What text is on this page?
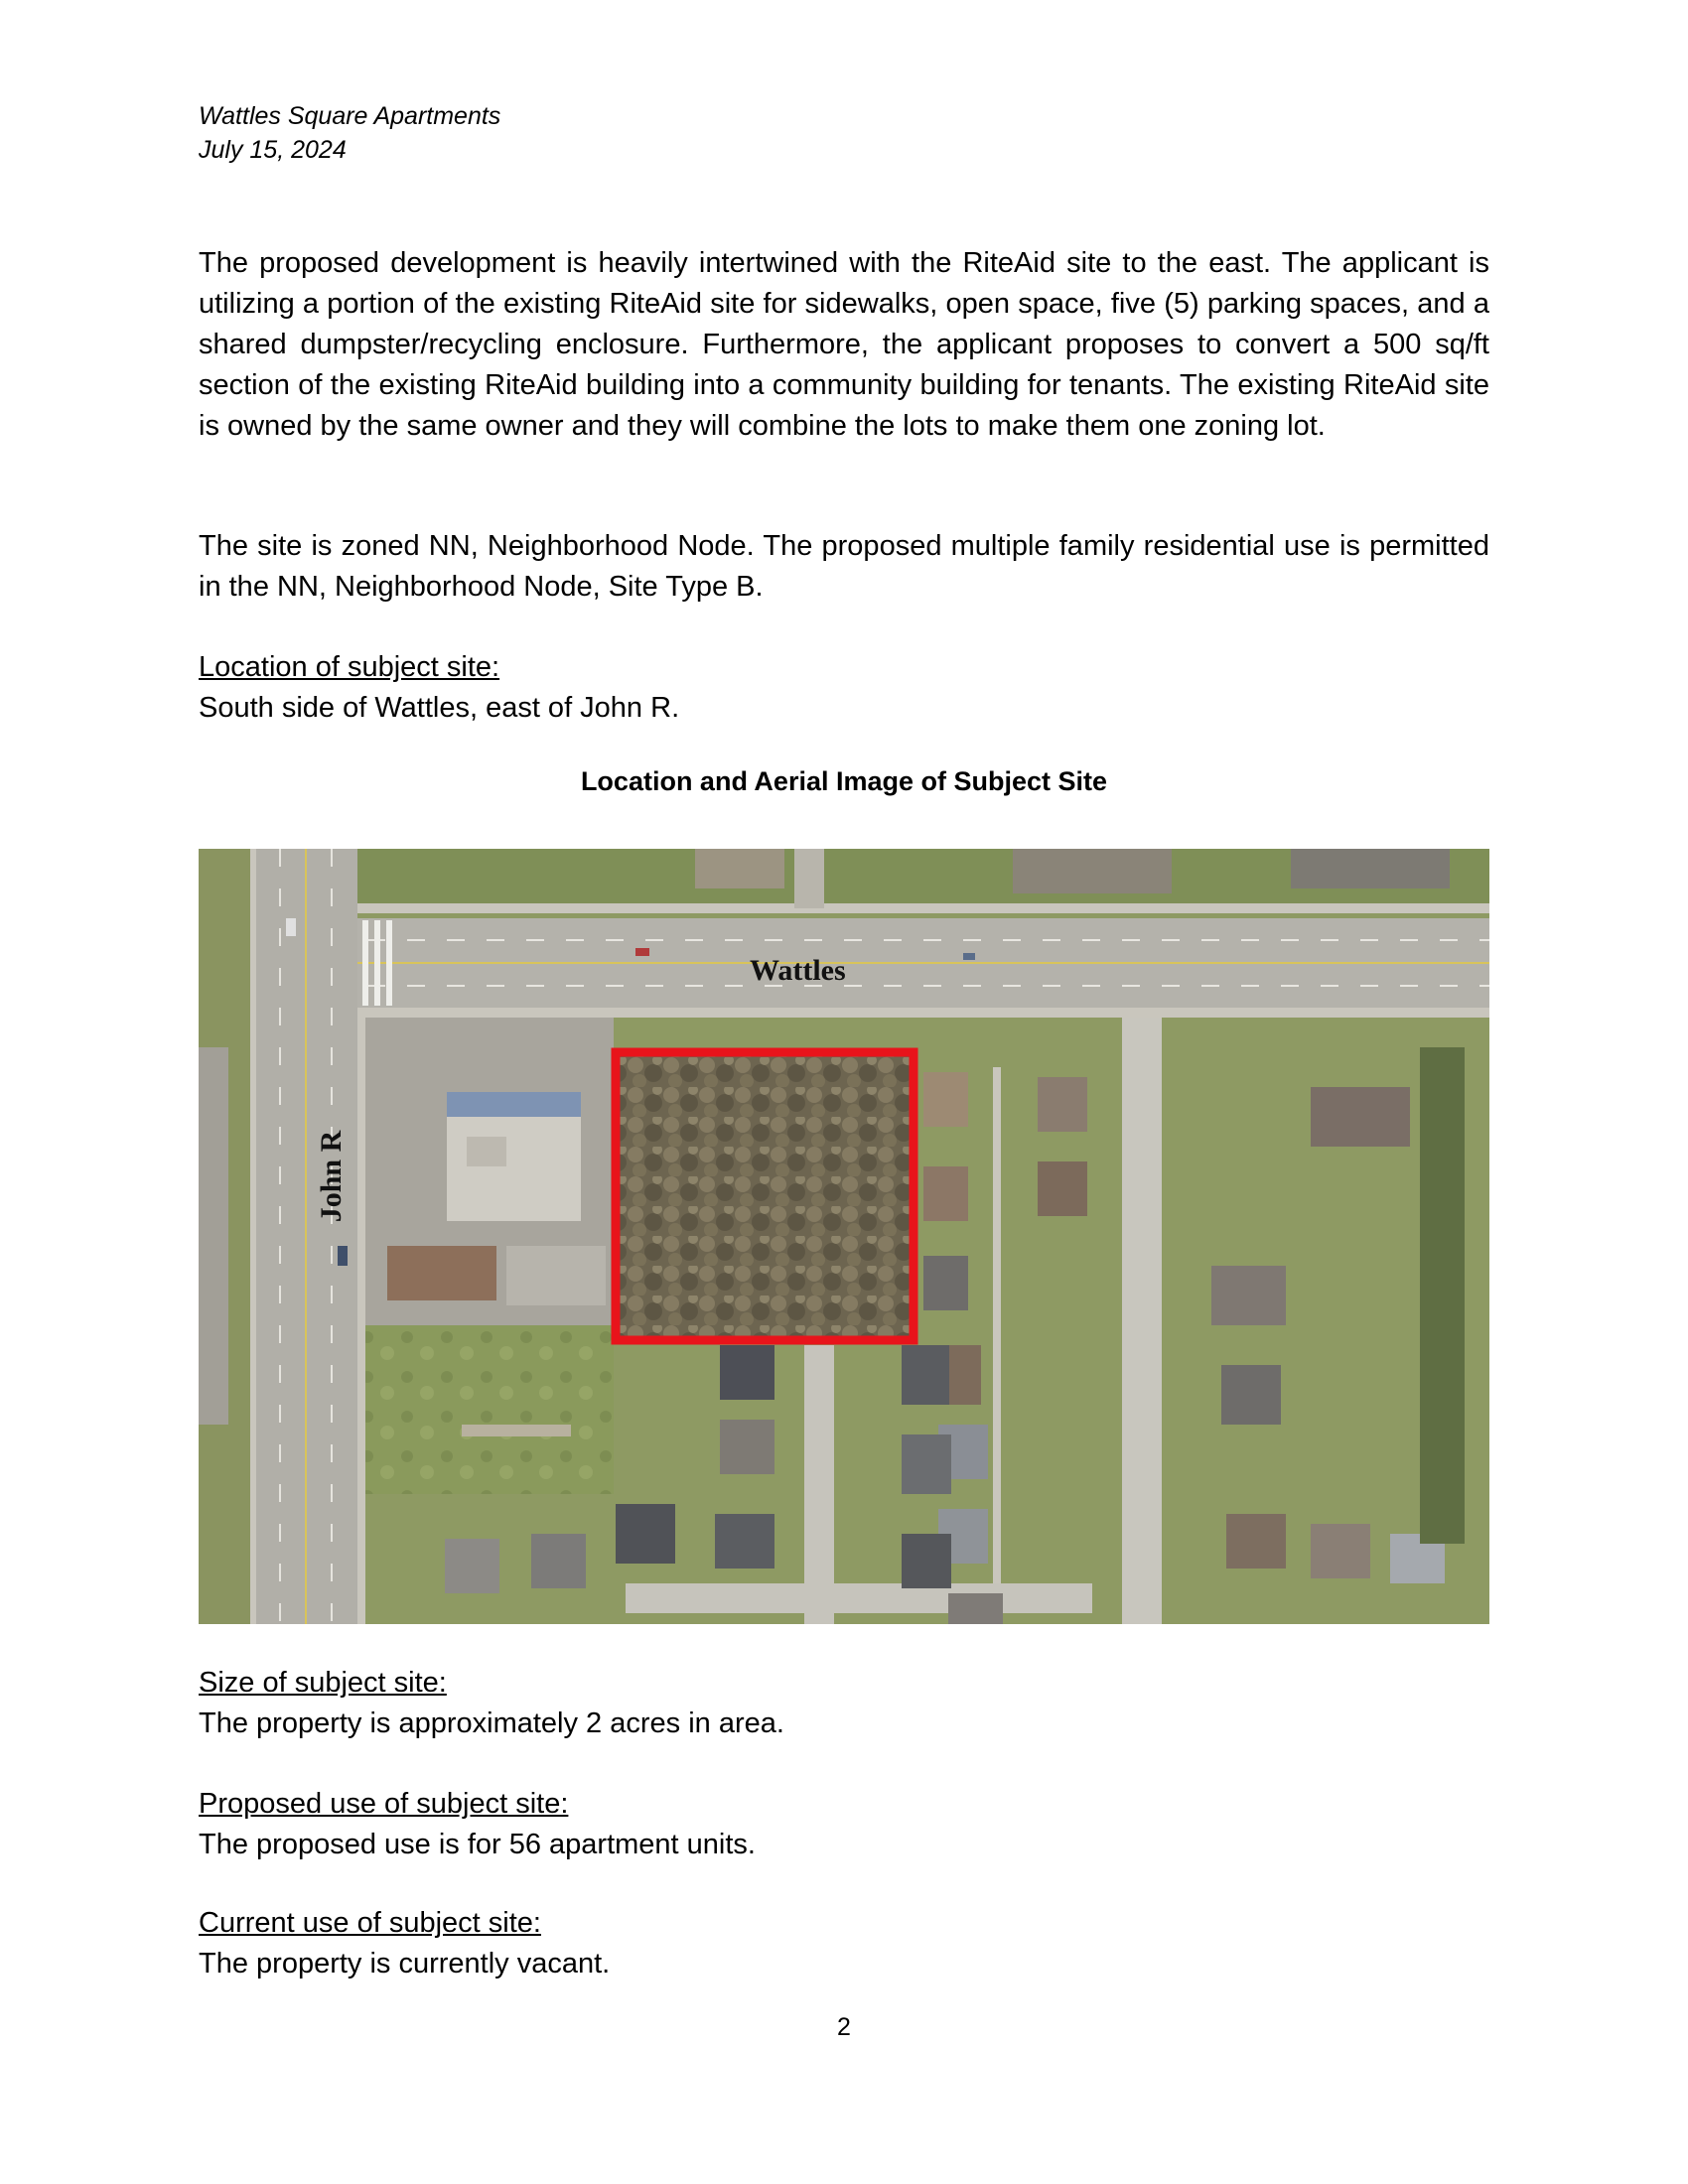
Wattles Square Apartments
July 15, 2024
The proposed development is heavily intertwined with the RiteAid site to the east. The applicant is utilizing a portion of the existing RiteAid site for sidewalks, open space, five (5) parking spaces, and a shared dumpster/recycling enclosure. Furthermore, the applicant proposes to convert a 500 sq/ft section of the existing RiteAid building into a community building for tenants. The existing RiteAid site is owned by the same owner and they will combine the lots to make them one zoning lot.
The site is zoned NN, Neighborhood Node. The proposed multiple family residential use is permitted in the NN, Neighborhood Node, Site Type B.
Location of subject site:
South side of Wattles, east of John R.
Location and Aerial Image of Subject Site
Wattles
John R
Size of subject site:
The property is approximately 2 acres in area.
Proposed use of subject site:
The proposed use is for 56 apartment units.
Current use of subject site:
The property is currently vacant.
2
